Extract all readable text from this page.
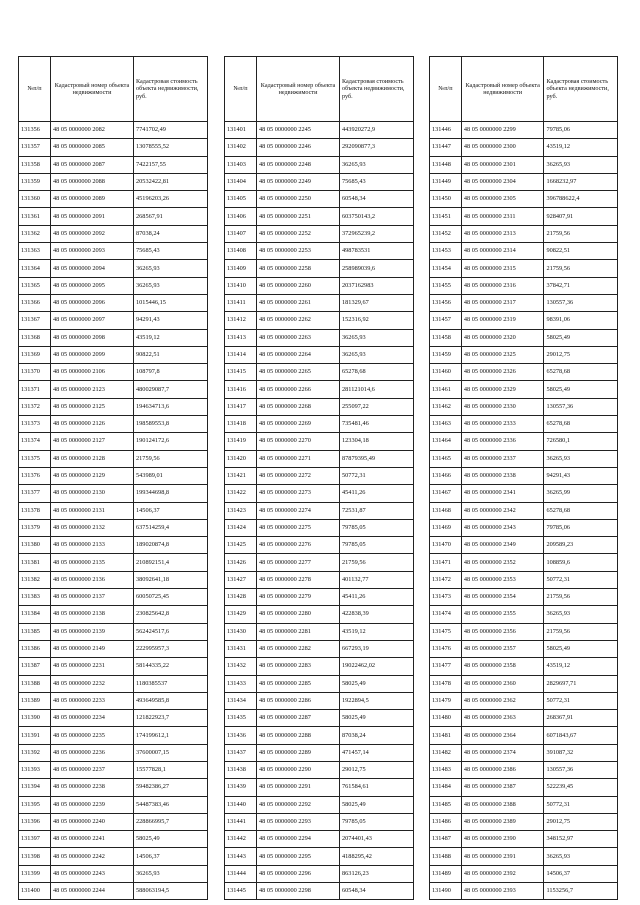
№п/п	Кадастровый номер объекта недвижимости	Кадастровая стоимость объекта недвижимости, руб.
131356	48 05 0000000 2082	7741702,49
131357	48 05 0000000 2085	13078555,52
131358	48 05 0000000 2087	7422157,55
131359	48 05 0000000 2088	20532422,81
131360	48 05 0000000 2089	45196203,26
131361	48 05 0000000 2091	268567,91
131362	48 05 0000000 2092	87038,24
131363	48 05 0000000 2093	75685,43
131364	48 05 0000000 2094	36265,93
131365	48 05 0000000 2095	36265,93
131366	48 05 0000000 2096	1015446,15
131367	48 05 0000000 2097	94291,43
131368	48 05 0000000 2098	43519,12
131369	48 05 0000000 2099	90822,51
131370	48 05 0000000 2106	108797,8
131371	48 05 0000000 2123	480029087,7
131372	48 05 0000000 2125	194634713,6
131373	48 05 0000000 2126	198589553,8
131374	48 05 0000000 2127	190124172,6
131375	48 05 0000000 2128	21759,56
131376	48 05 0000000 2129	543989,01
131377	48 05 0000000 2130	199344698,8
131378	48 05 0000000 2131	14506,37
131379	48 05 0000000 2132	637514259,4
131380	48 05 0000000 2133	189020874,8
131381	48 05 0000000 2135	210892151,4
131382	48 05 0000000 2136	38092641,18
131383	48 05 0000000 2137	60050725,45
131384	48 05 0000000 2138	230825642,8
131385	48 05 0000000 2139	562424517,6
131386	48 05 0000000 2149	222995957,3
131387	48 05 0000000 2231	58144335,22
131388	48 05 0000000 2232	1180385537
131389	48 05 0000000 2233	493649585,8
131390	48 05 0000000 2234	121822923,7
131391	48 05 0000000 2235	174199612,1
131392	48 05 0000000 2236	37600007,15
131393	48 05 0000000 2237	15577828,1
131394	48 05 0000000 2238	59482386,27
131395	48 05 0000000 2239	54487383,46
131396	48 05 0000000 2240	228866995,7
131397	48 05 0000000 2241	58025,49
131398	48 05 0000000 2242	14506,37
131399	48 05 0000000 2243	36265,93
131400	48 05 0000000 2244	588063194,5
№п/п	Кадастровый номер объекта недвижимости	Кадастровая стоимость объекта недвижимости, руб.
131401	48 05 0000000 2245	443920272,9
131402	48 05 0000000 2246	292090877,3
131403	48 05 0000000 2248	36265,93
131404	48 05 0000000 2249	75685,43
131405	48 05 0000000 2250	60548,34
131406	48 05 0000000 2251	603750143,2
131407	48 05 0000000 2252	372965239,2
131408	48 05 0000000 2253	498783531
131409	48 05 0000000 2258	258989039,6
131410	48 05 0000000 2260	2037162983
131411	48 05 0000000 2261	181329,67
131412	48 05 0000000 2262	152316,92
131413	48 05 0000000 2263	36265,93
131414	48 05 0000000 2264	36265,93
131415	48 05 0000000 2265	65278,68
131416	48 05 0000000 2266	281121014,6
131417	48 05 0000000 2268	255097,22
131418	48 05 0000000 2269	735481,46
131419	48 05 0000000 2270	123304,18
131420	48 05 0000000 2271	87879395,49
131421	48 05 0000000 2272	50772,31
131422	48 05 0000000 2273	45411,26
131423	48 05 0000000 2274	72531,87
131424	48 05 0000000 2275	79785,05
131425	48 05 0000000 2276	79785,05
131426	48 05 0000000 2277	21759,56
131427	48 05 0000000 2278	401132,77
131428	48 05 0000000 2279	45411,26
131429	48 05 0000000 2280	422838,39
131430	48 05 0000000 2281	43519,12
131431	48 05 0000000 2282	667293,19
131432	48 05 0000000 2283	19022462,02
131433	48 05 0000000 2285	58025,49
131434	48 05 0000000 2286	1922894,5
131435	48 05 0000000 2287	58025,49
131436	48 05 0000000 2288	87038,24
131437	48 05 0000000 2289	471457,14
131438	48 05 0000000 2290	29012,75
131439	48 05 0000000 2291	761584,61
131440	48 05 0000000 2292	58025,49
131441	48 05 0000000 2293	79785,05
131442	48 05 0000000 2294	2074401,43
131443	48 05 0000000 2295	4188295,42
131444	48 05 0000000 2296	863126,23
131445	48 05 0000000 2298	60548,34
№п/п	Кадастровый номер объекта недвижимости	Кадастровая стоимость объекта недвижимости, руб.
131446	48 05 0000000 2299	79785,06
131447	48 05 0000000 2300	43519,12
131448	48 05 0000000 2301	36265,93
131449	48 05 0000000 2304	1668232,97
131450	48 05 0000000 2305	396788622,4
131451	48 05 0000000 2311	928407,91
131452	48 05 0000000 2313	21759,56
131453	48 05 0000000 2314	90822,51
131454	48 05 0000000 2315	21759,56
131455	48 05 0000000 2316	37842,71
131456	48 05 0000000 2317	130557,36
131457	48 05 0000000 2319	98391,06
131458	48 05 0000000 2320	58025,49
131459	48 05 0000000 2325	29012,75
131460	48 05 0000000 2326	65278,68
131461	48 05 0000000 2329	58025,49
131462	48 05 0000000 2330	130557,36
131463	48 05 0000000 2333	65278,68
131464	48 05 0000000 2336	726580,1
131465	48 05 0000000 2337	36265,93
131466	48 05 0000000 2338	94291,43
131467	48 05 0000000 2341	36265,99
131468	48 05 0000000 2342	65278,68
131469	48 05 0000000 2343	79785,06
131470	48 05 0000000 2349	209589,23
131471	48 05 0000000 2352	108859,6
131472	48 05 0000000 2353	50772,31
131473	48 05 0000000 2354	21759,56
131474	48 05 0000000 2355	36265,93
131475	48 05 0000000 2356	21759,56
131476	48 05 0000000 2357	58025,49
131477	48 05 0000000 2358	43519,12
131478	48 05 0000000 2360	2829697,71
131479	48 05 0000000 2362	50772,31
131480	48 05 0000000 2363	268367,91
131481	48 05 0000000 2364	6071843,67
131482	48 05 0000000 2374	391087,32
131483	48 05 0000000 2386	130557,36
131484	48 05 0000000 2387	522239,45
131485	48 05 0000000 2388	50772,31
131486	48 05 0000000 2389	29012,75
131487	48 05 0000000 2390	348152,97
131488	48 05 0000000 2391	36265,93
131489	48 05 0000000 2392	14506,37
131490	48 05 0000000 2393	1153256,7
